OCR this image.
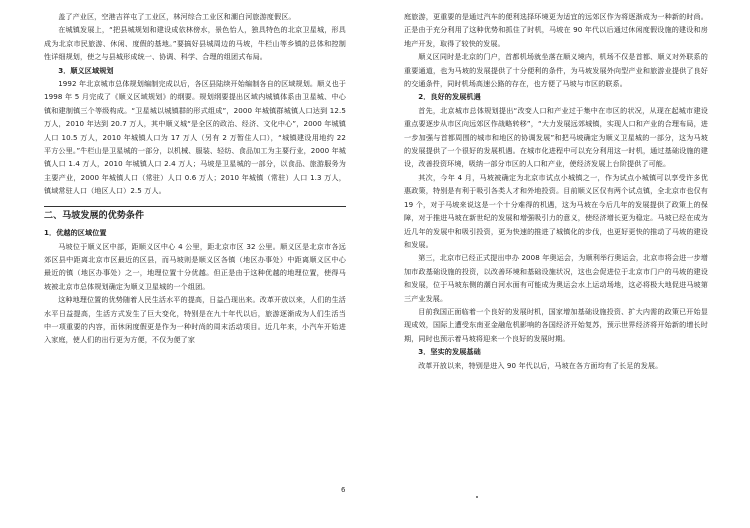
盖了产业区，空港吉祥屯了工业区，林河综合工业区和潮白河旅游度假区。

在城镇发展上，“把县城规划和建设成依林傍水，景色怡人，独具特色的北京卫星城，形具成为北京市民旅游、休闲、度假的基地。”要搞好县城周边的马坡，牛栏山等乡镇的总体和控制性详细规划，使之与县城形成统一、协调、科学、合理的组团式布局。

3．顺义区域规划

1992 年北京城市总体规划编制完成以后，各区县陆续开始编制各自的区域规划。顺义也于 1998 年 5 月完成了《顺义区域规划》的纲要。规划纲要提出区域内城镇体系由卫星城、中心镇和建制镇三个等级构成。“卫星城以城镇群的形式组成”，2000 年城镇群城镇人口达到 12.5 万人，2010 年达到 20.7 万人，其中顺义城“是全区的政治、经济、文化中心”，2000 年城镇人口 10.5 万人，2010 年城镇人口为 17 万人（另有 2 万暂住人口），“城镇建设用地约 22 平方公里。”牛栏山是卫星城的一部分，以机械、服装、轻纺、食品加工为主要行业，2000 年城镇人口 1.4 万人，2010 年城镇人口 2.4 万人；马坡是卫星城的一部分，以食品、旅游服务为主要产业，2000 年城镇人口（常驻）人口 0.6 万人；2010 年城镇（常驻）人口 1.3 万人，镇域常驻人口（地区人口）2.5 万人。

二、马坡发展的优势条件

1．优越的区域位置

马坡位于顺义区中部，距顺义区中心 4 公里，距北京市区 32 公里。顺义区是北京市各远郊区县中距离北京市区最近的区县，而马坡则是顺义区各镇（地区办事处）中距离顺义区中心最近的镇（地区办事处）之一，地理位置十分优越。但正是由于这种优越的地理位置，使得马坡被北京市总体规划确定为顺义卫星城的一个组团。

这种地理位置的优势随着人民生活水平的提高，日益凸现出来。改革开放以来，人们的生活水平日益提高，生活方式发生了巨大变化，特别是在九十年代以后，旅游逐渐成为人们生活当中一项重要的内容，而休闲度假更是作为一种时尚的周末活动项目。近几年来，小汽车开始进入家庭，使人们的出行更为方便，不仅为便了家

庭旅游，更重要的是通过汽车的便利选择环境更为适宜的远郊区作为将逐渐成为一种新的时尚。正是由于充分利用了这种优势和抓住了时机，马坡在 90 年代以后通过休闲度假设施的建设和房地产开发，取得了较快的发展。

顺义区同时是北京的门户，首都机场就坐落在顺义境内，机场不仅是首都、顺义对外联系的重要通道，也为马坡的发展提供了十分便利的条件，为马坡发展外向型产业和旅游业提供了良好的交通条件，同时机场高速公路的存在，也方便了马坡与市区的联系。

2．良好的发展机遇

首先，北京城市总体规划提出“改变人口和产业过于集中在市区的状况，从现在起城市建设重点要逐步从市区向远郊区作战略转移”，“大力发展远郊城镇，实现人口和产业的合理布局，进一步加强与首都周围的城市和地区的协调发展”和把马坡确定为顺义卫星城的一部分，这为马坡的发展提供了一个很好的发展机遇。在城市化进程中可以充分利用这一时机，通过基础设施的建设，改善投资环境，吸纳一部分市区的人口和产业，使经济发展上台阶提供了可能。

其次，今年 4 月，马坡被确定为北京市试点小城镇之一，作为试点小城镇可以享受许多优惠政策，特别是有利于吸引各类人才和外地投资。目前顺义区仅有两个试点镇，全北京市也仅有 19 个，对于马坡来说这是一个十分难得的机遇，这为马坡在今后几年的发展提供了政策上的保障，对于推进马坡在新世纪的发展和增强吸引力的意义，使经济增长更为稳定。马坡已经在成为近几年的发展中和吸引投资，更为快速的推进了城镇化的步伐，也更好更快的推动了马坡的建设和发展。

第三，北京市已经正式提出申办 2008 年奥运会，为顺利举行奥运会，北京市将会进一步增加市政基础设施的投资，以改善环境和基础设施状况，这也会促进位于北京市门户的马坡的建设和发展，位于马坡东侧的潮白河水面有可能成为奥运会水上运动场地，这必将极大地促进马坡第三产业发展。

目前我国正面临着一个良好的发展时机，国家增加基础设施投资、扩大内需的政策已开始显现成效，国际上遭受东南亚金融危机影响的各国经济开始复苏，预示世界经济将开始新的增长时期，同时也预示着马坡将迎来一个良好的发展时期。

3．坚实的发展基础

改革开放以来，特别是进入 90 年代以后，马坡在各方面均有了长足的发展。

6
